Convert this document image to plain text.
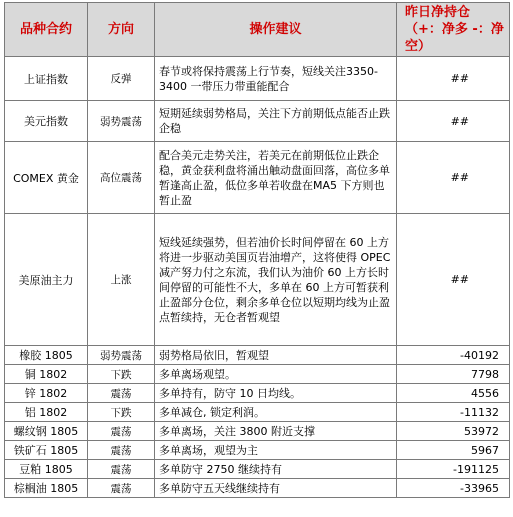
品种合约	方向	操作建议	昨日净持仓（+：净多 -：净空）
上证指数	反弹	春节或将保持震荡上行节奏，短线关注3350-3400 一带压力带重能配合	##
美元指数	弱势震荡	短期延续弱势格局，关注下方前期低点能否止跌企稳	##
COMEX 黄金	高位震荡	配合美元走势关注，若美元在前期低位止跌企稳，黄金获利盘将涌出触动盘面回落，高位多单暂逢高止盈，低位多单若收盘在MA5 下方则也暂止盈	##
美原油主力	上涨	短线延续强势，但若油价长时间停留在 60 上方将进一步驱动美国页岩油增产，这将使得 OPEC 减产努力付之东流，我们认为油价 60 上方长时间停留的可能性不大，多单在 60 上方可暂获利止盈部分仓位，剩余多单仓位以短期均线为止盈点暂续持，无仓者暂观望	##
橡胶 1805	弱势震荡	弱势格局依旧，暂观望	-40192
铜 1802	下跌	多单离场观望。	7798
锌 1802	震荡	多单持有，防守 10 日均线。	4556
铝 1802	下跌	多单减仓, 锁定利润。	-11132
螺纹钢 1805	震荡	多单离场，关注 3800 附近支撑	53972
铁矿石 1805	震荡	多单离场，观望为主	5967
豆粕 1805	震荡	多单防守 2750 继续持有	-191125
棕榈油 1805	震荡	多单防守五天线继续持有	-33965
